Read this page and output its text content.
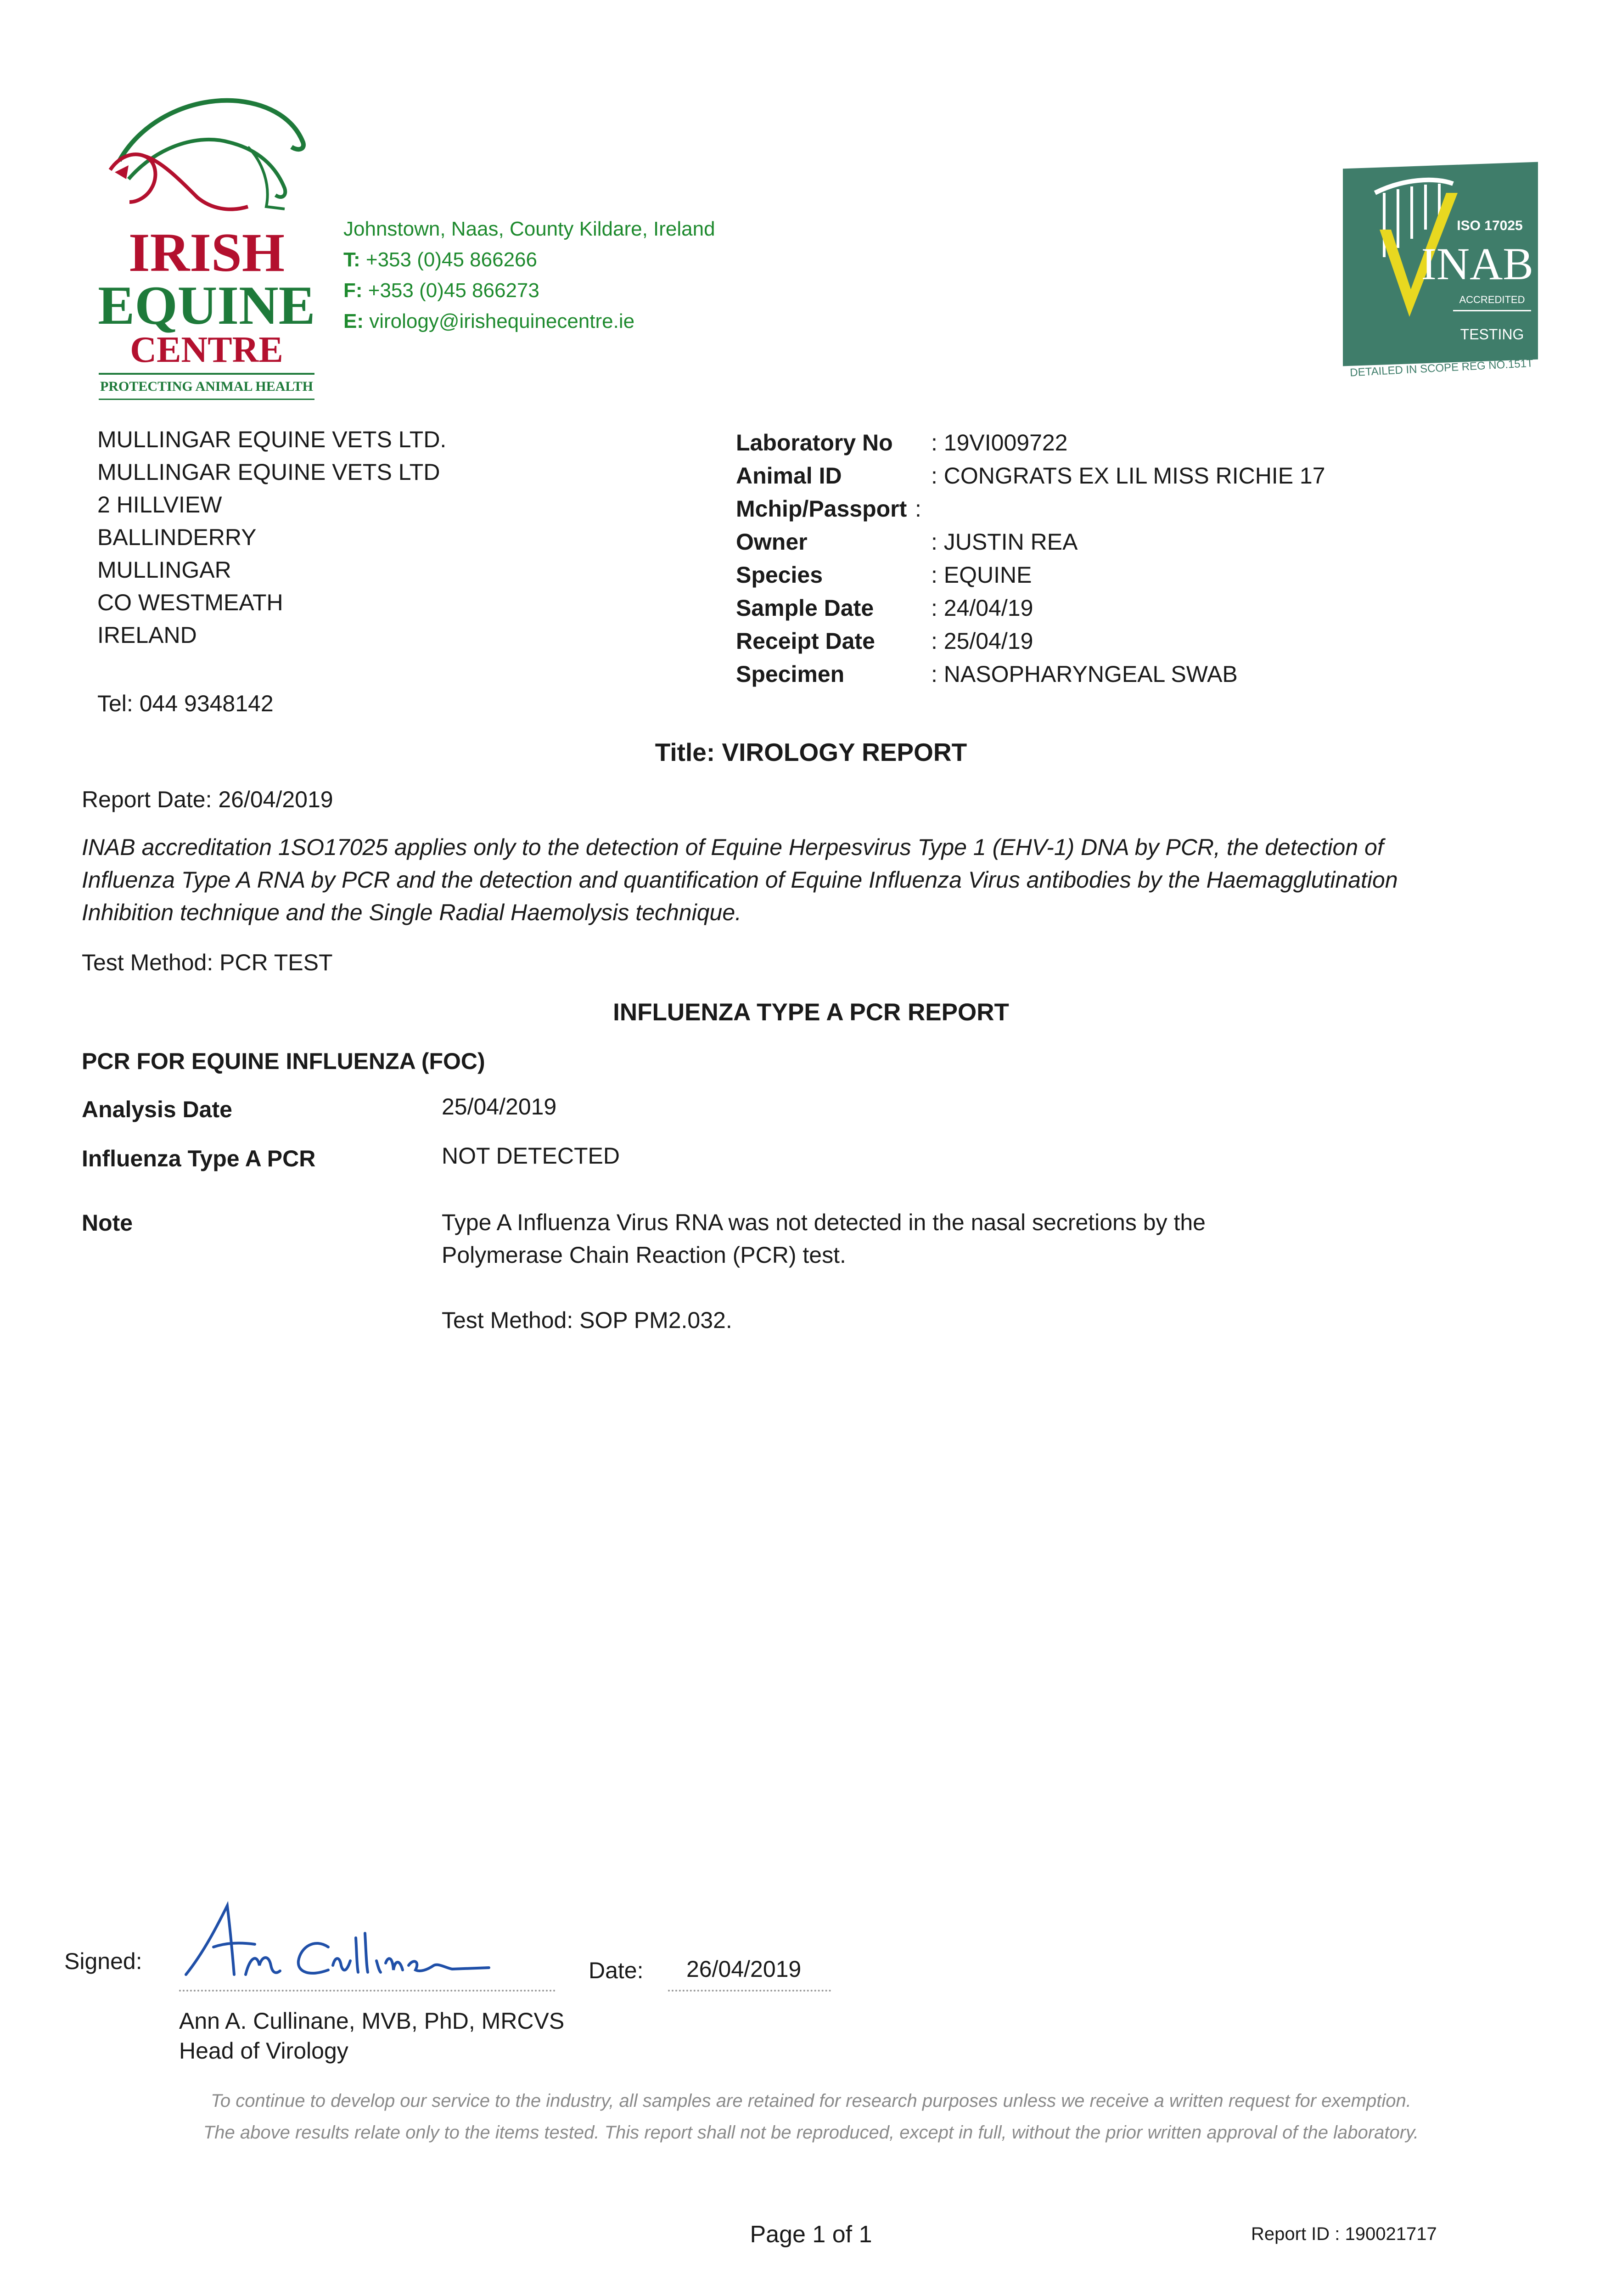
IRISH
EQUINE
CENTRE
PROTECTING ANIMAL HEALTH
Johnstown, Naas, County Kildare, Ireland
T: +353 (0)45 866266
F: +353 (0)45 866273
E: virology@irishequinecentre.ie
ISO 17025
INAB
ACCREDITED
TESTING
DETAILED IN SCOPE REG NO.151T
MULLINGAR EQUINE VETS LTD.
MULLINGAR EQUINE VETS LTD
2 HILLVIEW
BALLINDERRY
MULLINGAR
CO WESTMEATH
IRELAND
Tel: 044 9348142
Laboratory No : 19VI009722
Animal ID	: CONGRATS EX LIL MISS RICHIE 17
Mchip/Passport :
Owner	: JUSTIN REA
Species	: EQUINE
Sample Date : 24/04/19
Receipt Date : 25/04/19
Specimen	: NASOPHARYNGEAL SWAB
Title: VIROLOGY REPORT
Report Date: 26/04/2019
INAB accreditation 1SO17025 applies only to the detection of Equine Herpesvirus Type 1 (EHV-1) DNA by PCR, the detection of Influenza Type A RNA by PCR and the detection and quantification of Equine Influenza Virus antibodies by the Haemagglutination Inhibition technique and the Single Radial Haemolysis technique.
Test Method: PCR TEST
INFLUENZA TYPE A PCR REPORT
PCR FOR EQUINE INFLUENZA (FOC)
Analysis Date	25/04/2019
Influenza Type A PCR	NOT DETECTED
Note	Type A Influenza Virus RNA was not detected in the nasal secretions by the
Polymerase Chain Reaction (PCR) test.
Test Method: SOP PM2.032.
Signed:	Date: 26/04/2019
Ann A. Cullinane, MVB, PhD, MRCVS
Head of Virology
To continue to develop our service to the industry, all samples are retained for research purposes unless we receive a written request for exemption.
The above results relate only to the items tested. This report shall not be reproduced, except in full, without the prior written approval of the laboratory.
Page 1 of 1	Report ID : 190021717
